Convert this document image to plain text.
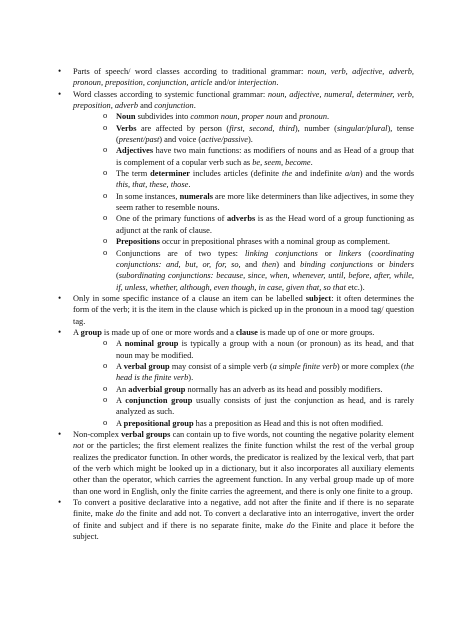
• Parts of speech/ word classes according to traditional grammar: noun, verb, adjective, adverb, pronoun, preposition, conjunction, article and/or interjection.
• Word classes according to systemic functional grammar: noun, adjective, numeral, determiner, verb, preposition, adverb and conjunction.
o Noun subdivides into common noun, proper noun and pronoun.
o Verbs are affected by person (first, second, third), number (singular/plural), tense (present/past) and voice (active/passive).
o Adjectives have two main functions: as modifiers of nouns and as Head of a group that is complement of a copular verb such as be, seem, become.
o The term determiner includes articles (definite the and indefinite a/an) and the words this, that, these, those.
o In some instances, numerals are more like determiners than like adjectives, in some they seem rather to resemble nouns.
o One of the primary functions of adverbs is as the Head word of a group functioning as adjunct at the rank of clause.
o Prepositions occur in prepositional phrases with a nominal group as complement.
o Conjunctions are of two types: linking conjunctions or linkers (coordinating conjunctions: and, but, or, for, so, and then) and binding conjunctions or binders (subordinating conjunctions: because, since, when, whenever, until, before, after, while, if, unless, whether, although, even though, in case, given that, so that etc.).
• Only in some specific instance of a clause an item can be labelled subject: it often determines the form of the verb; it is the item in the clause which is picked up in the pronoun in a mood tag/ question tag.
• A group is made up of one or more words and a clause is made up of one or more groups.
o A nominal group is typically a group with a noun (or pronoun) as its head, and that noun may be modified.
o A verbal group may consist of a simple verb (a simple finite verb) or more complex (the head is the finite verb).
o An adverbial group normally has an adverb as its head and possibly modifiers.
o A conjunction group usually consists of just the conjunction as head, and is rarely analyzed as such.
o A prepositional group has a preposition as Head and this is not often modified.
• Non-complex verbal groups can contain up to five words, not counting the negative polarity element not or the particles; the first element realizes the finite function whilst the rest of the verbal group realizes the predicator function. In other words, the predicator is realized by the lexical verb, that part of the verb which might be looked up in a dictionary, but it also incorporates all auxiliary elements other than the operator, which carries the agreement function. In any verbal group made up of more than one word in English, only the finite carries the agreement, and there is only one finite to a group.
• To convert a positive declarative into a negative, add not after the finite and if there is no separate finite, make do the finite and add not. To convert a declarative into an interrogative, invert the order of finite and subject and if there is no separate finite, make do the Finite and place it before the subject.
